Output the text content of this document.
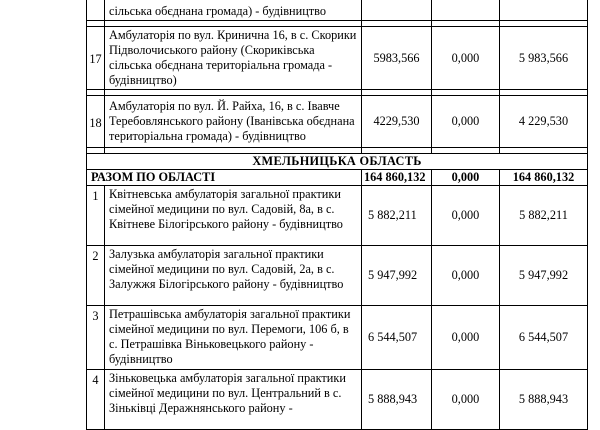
	сільська обєднана громада) - будівництво			

17	Амбулаторія по вул. Кринична 16, в с. Скорики
Підволочиського району (Скориківська
сільська обєднана територіальна громада -
будівництво)	5983,566	0,000	5 983,566

18	Амбулаторія по вул. Й. Райха, 16, в с. Івавче
Теребовлянського району (Іванівська обєднана
територіальна громада) - будівництво	4229,530	0,000	4 229,530

ХМЕЛЬНИЦЬКА ОБЛАСТЬ				
РАЗОМ ПО ОБЛАСТІ		164 860,132	0,000	164 860,132
1	Квітневська амбулаторія загальної практики
сімейної медицини по вул. Садовій, 8а, в с.
Квітневе Білогірського району - будівництво	5 882,211	0,000	5 882,211
2	Залузька амбулаторія загальної практики
сімейної медицини по вул. Садовій, 2а, в с.
Залужжя Білогірського району - будівництво	5 947,992	0,000	5 947,992
3	Петрашівська амбулаторія загальної практики
сімейної медицини по вул. Перемоги, 106 б, в
с. Петрашівка Віньковецького району -
будівництво	6 544,507	0,000	6 544,507
4	Зіньковецька амбулаторія загальної практики
сімейної медицини по вул. Центральний в с.
Зіньківці Деражнянського району -	5 888,943	0,000	5 888,943
